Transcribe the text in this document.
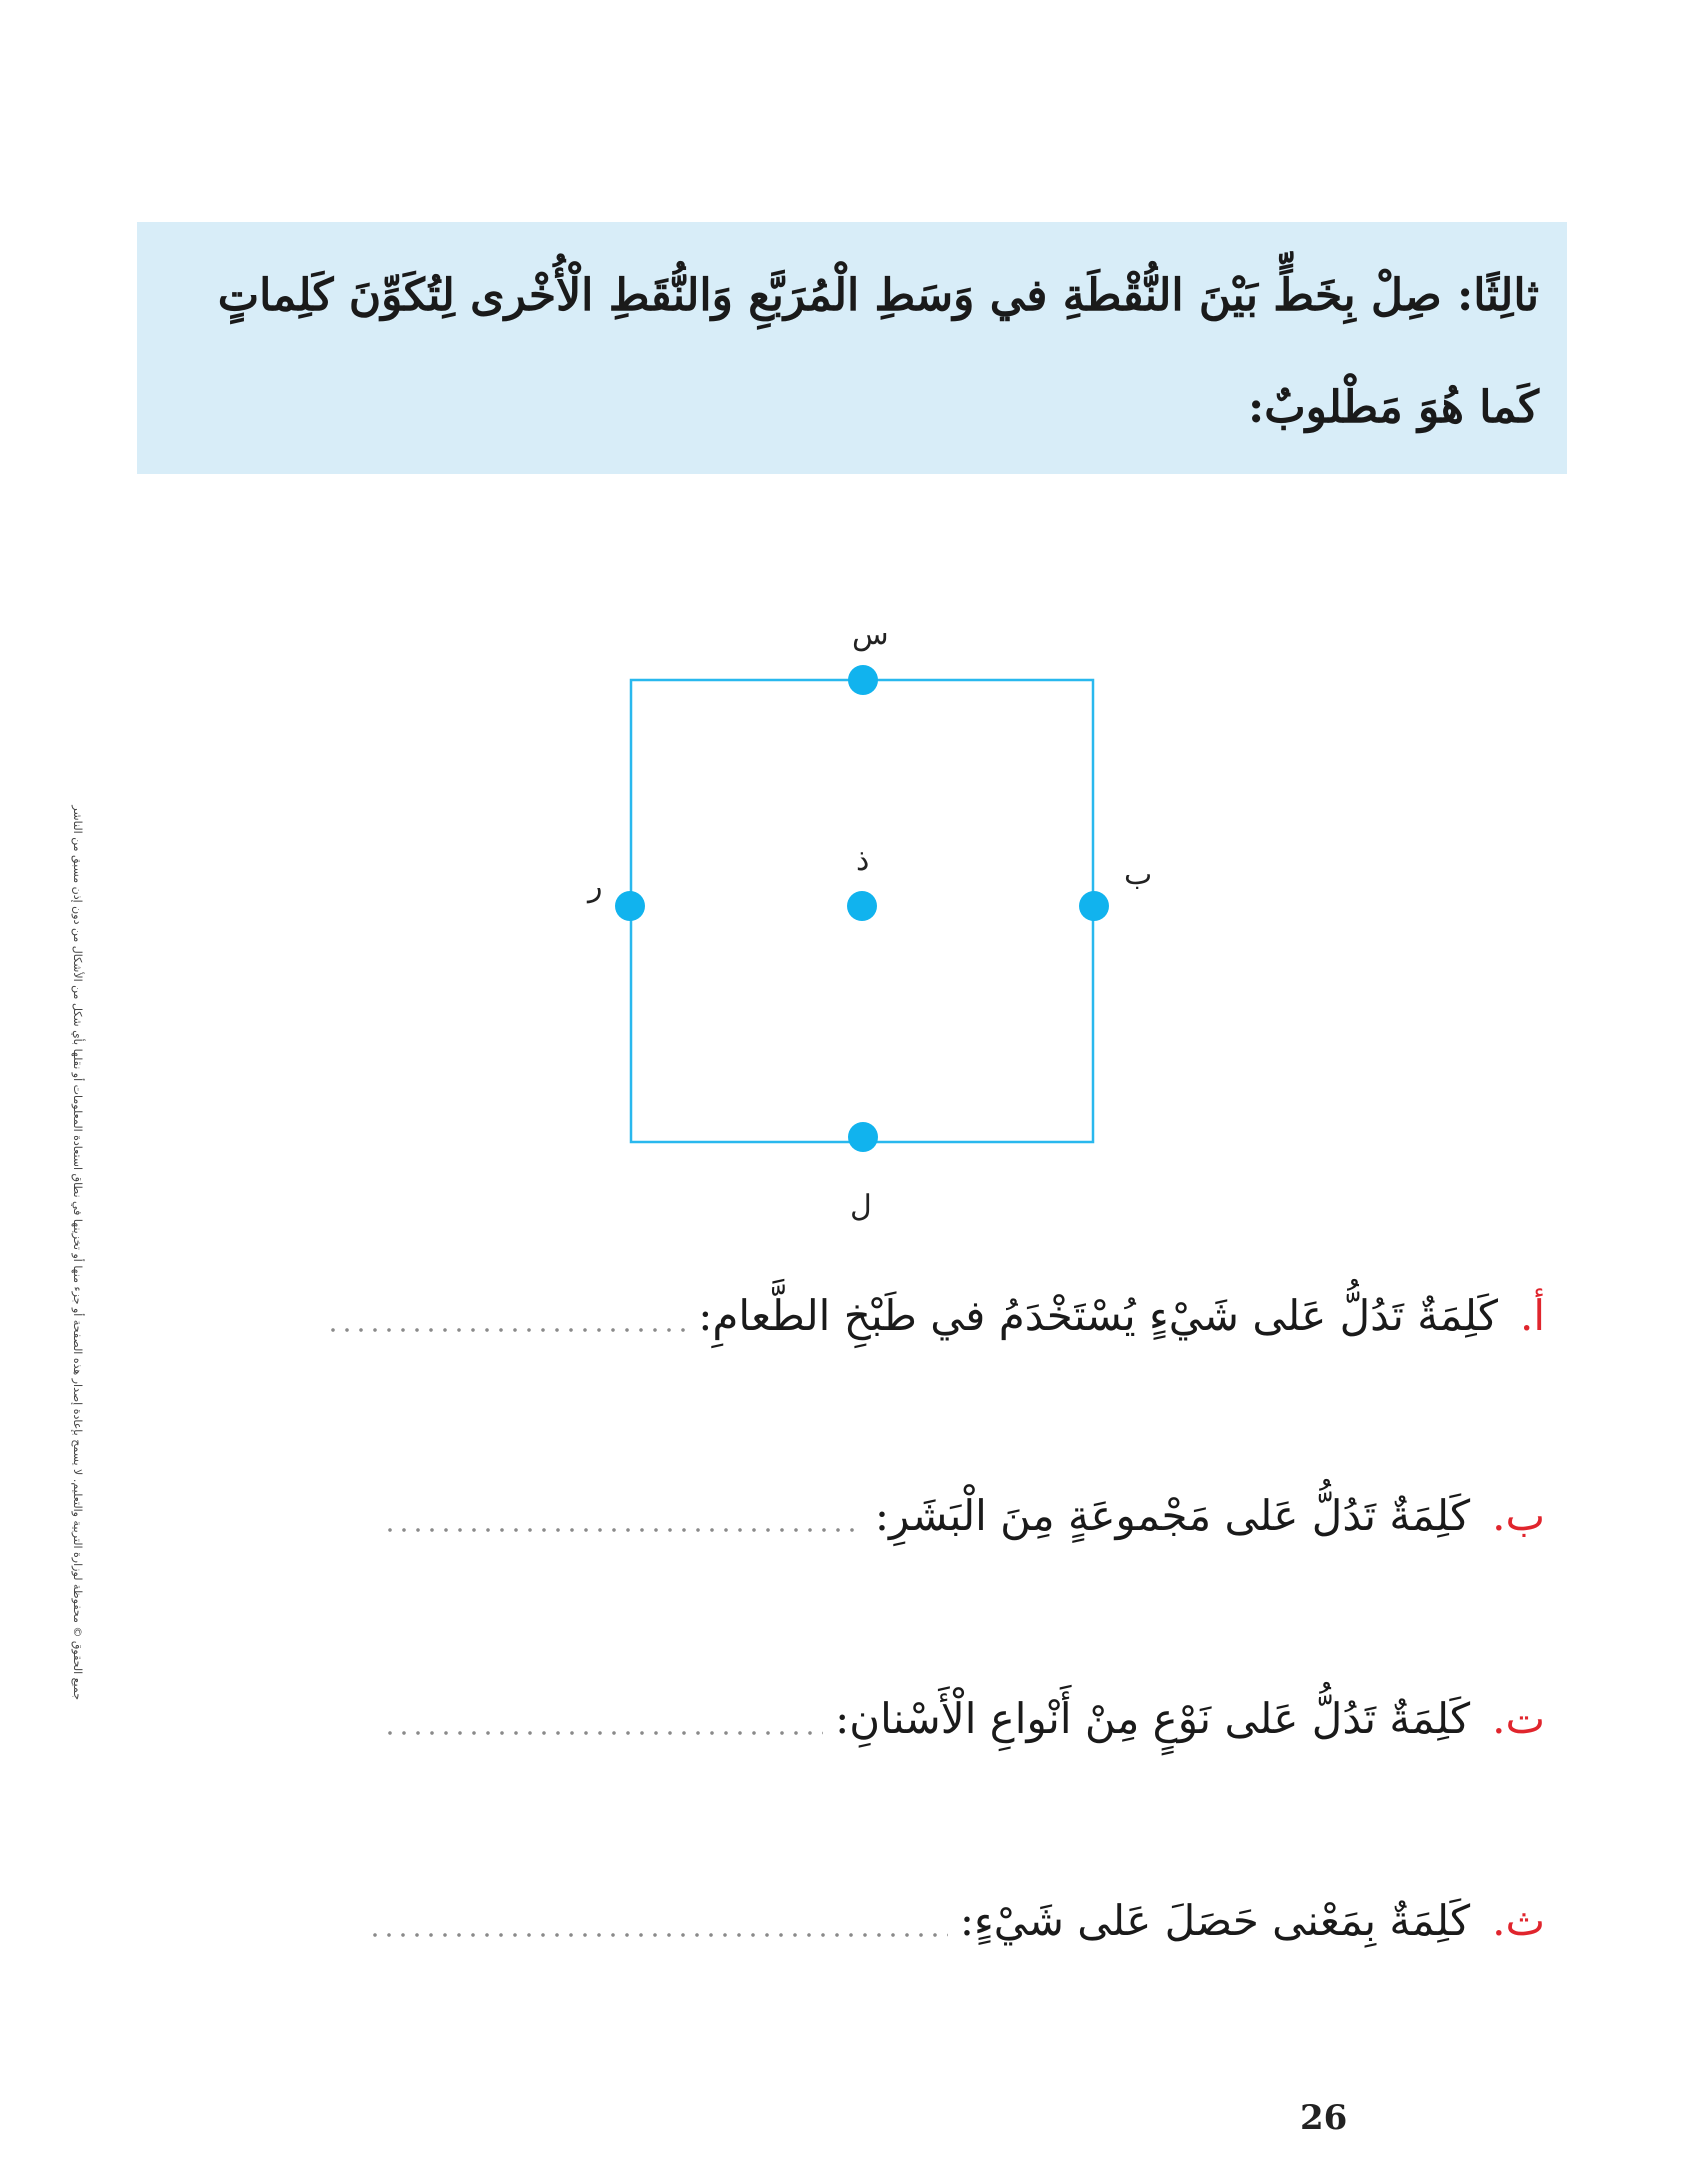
ثالِثًا: صِلْ بِخَطٍّ بَيْنَ النُّقْطَةِ في وَسَطِ الْمُرَبَّعِ وَالنُّقَطِ الْأُخْرى لِتُكَوِّنَ كَلِماتٍ كَما هُوَ مَطْلوبٌ:

جميع الحقوق © محفوظة لوزارة التربية والتعليم. لا يسمح بإعادة إصدار هذه الصفحة أو جزء منها أو تخزينها في نطاق استعادة المعلومات أو نقلها بأي شكل من الأشكال من دون إذن مسبق من الناشر
س
ذ	ب
ر
ل
أ.
كَلِمَةٌ تَدُلُّ عَلى شَيْءٍ يُسْتَخْدَمُ في طَبْخِ الطَّعامِ:
ب.
كَلِمَةٌ تَدُلُّ عَلى مَجْموعَةٍ مِنَ الْبَشَرِ:
ت.
كَلِمَةٌ تَدُلُّ عَلى نَوْعٍ مِنْ أَنْواعِ الْأَسْنانِ:
ث.
كَلِمَةٌ بِمَعْنى حَصَلَ عَلى شَيْءٍ:
26
